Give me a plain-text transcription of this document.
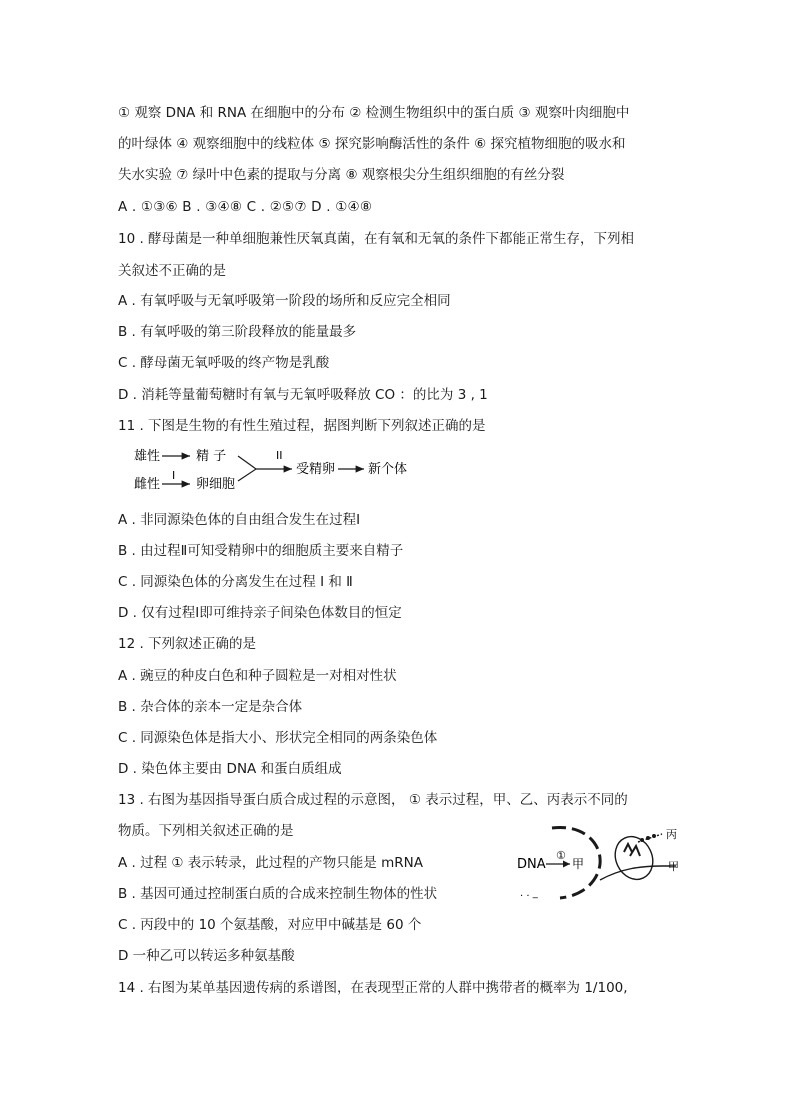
① 观察 DNA 和 RNA 在细胞中的分布 ② 检测生物组织中的蛋白质 ③ 观察叶肉细胞中
的叶绿体 ④ 观察细胞中的线粒体 ⑤ 探究影响酶活性的条件 ⑥ 探究植物细胞的吸水和
失水实验 ⑦ 绿叶中色素的提取与分离 ⑧ 观察根尖分生组织细胞的有丝分裂
A . ①③⑥ B . ③④⑧ C . ②⑤⑦ D . ①④⑧
10 . 酵母菌是一种单细胞兼性厌氧真菌，在有氧和无氧的条件下都能正常生存，下列相
关叙述不正确的是
A . 有氧呼吸与无氧呼吸第一阶段的场所和反应完全相同
B . 有氧呼吸的第三阶段释放的能量最多
C . 酵母菌无氧呼吸的终产物是乳酸
D . 消耗等量葡萄糖时有氧与无氧呼吸释放 CO ：的比为 3 , 1
11 . 下图是生物的有性生殖过程，据图判断下列叙述正确的是
雄性	精 子
雌性
I
卵细胞
II
受精卵	新个体
A . 非同源染色体的自由组合发生在过程Ⅰ
B . 由过程Ⅱ可知受精卵中的细胞质主要来自精子
C . 同源染色体的分离发生在过程 I 和 Ⅱ
D . 仅有过程Ⅰ即可维持亲子间染色体数目的恒定
12 . 下列叙述正确的是
A . 豌豆的种皮白色和种子圆粒是一对相对性状
B . 杂合体的亲本一定是杂合体
C . 同源染色体是指大小、形状完全相同的两条染色体
D . 染色体主要由 DNA 和蛋白质组成
13 . 右图为基因指导蛋白质合成过程的示意图， ① 表示过程，甲、乙、丙表示不同的
物质。下列相关叙述正确的是
A . 过程 ① 表示转录，此过程的产物只能是 mRNA
B . 基因可通过控制蛋白质的合成来控制生物体的性状
C . 丙段中的 10 个氨基酸，对应甲中碱基是 60 个
D 一种乙可以转运多种氨基酸
DNA
①
甲
. . _
丙
甲
14 . 右图为某单基因遗传病的系谱图，在表现型正常的人群中携带者的概率为 1/100,
